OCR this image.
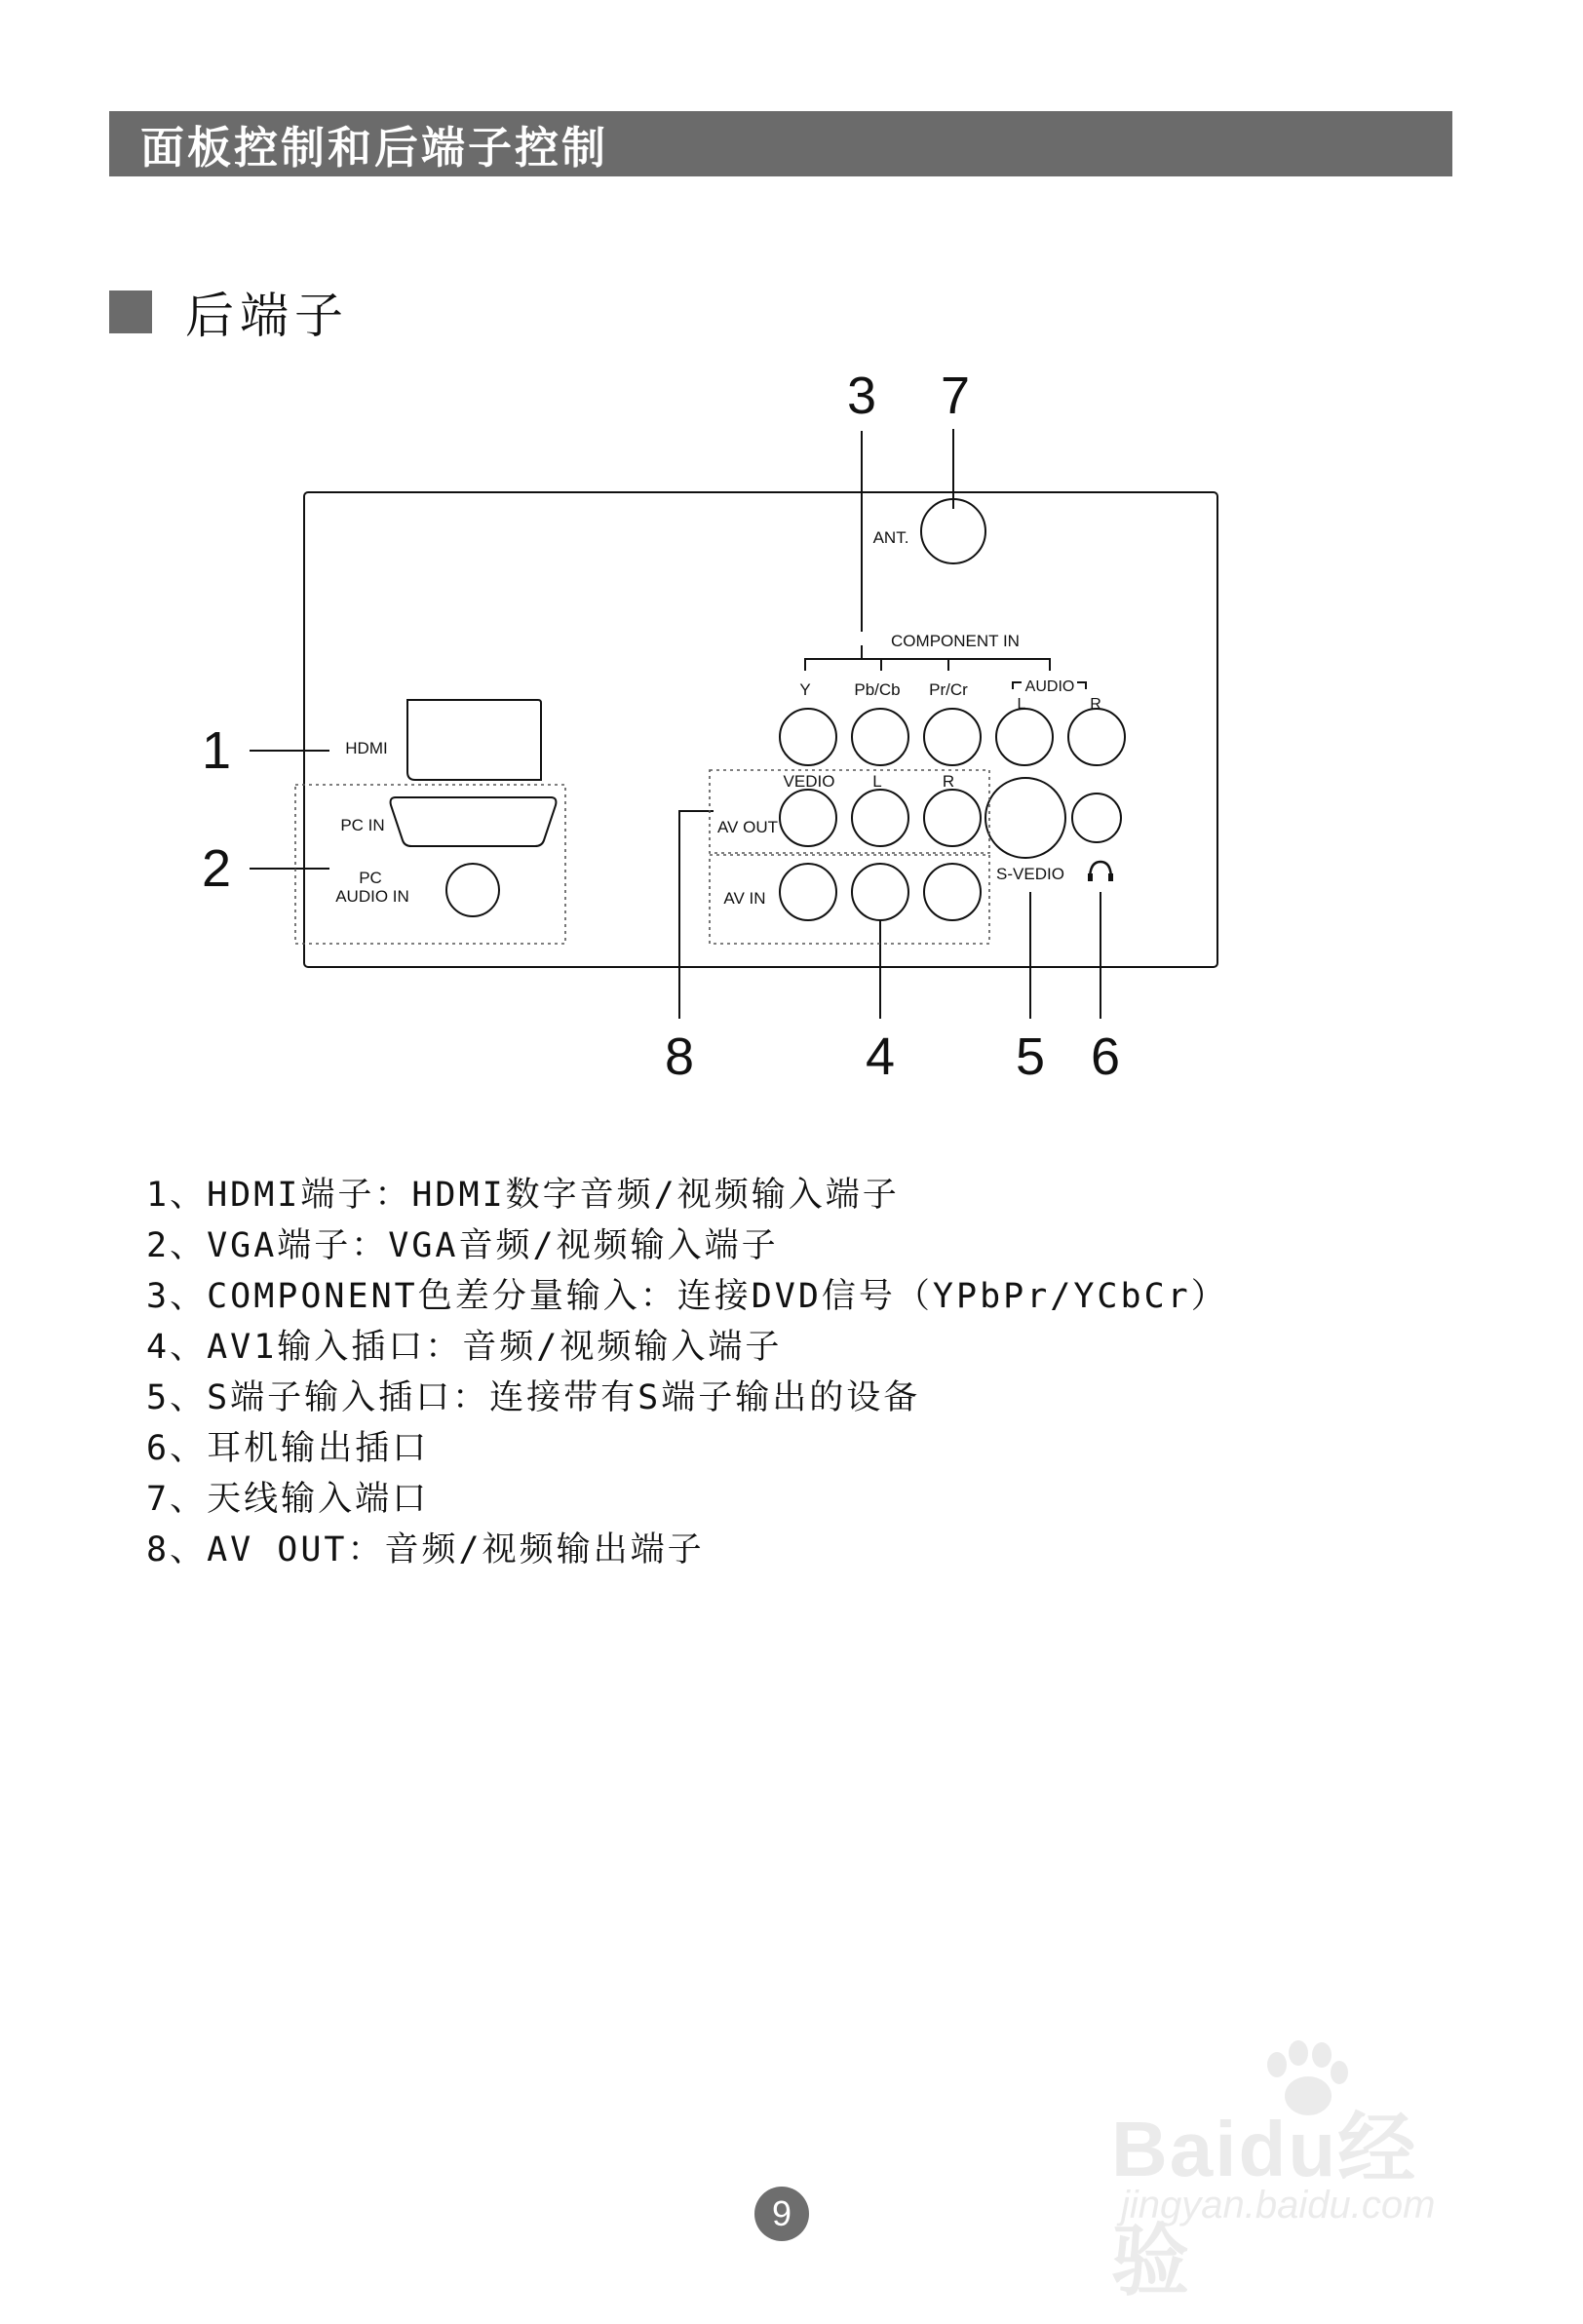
面板控制和后端子控制
后端子
3 7
1
2
8	4 5 6
ANT.
COMPONENT IN
Y	Pb/Cb Pr/Cr	AUDIO
L	R
HDMI
PC IN
PC
AUDIO IN
VEDIO L	R
AV OUT
AV IN
S-VEDIO
1、HDMI端子：HDMI数字音频/视频输入端子
2、VGA端子：VGA音频/视频输入端子
3、COMPONENT色差分量输入：连接DVD信号（YPbPr/YCbCr）
4、AV1输入插口：音频/视频输入端子
5、S端子输入插口：连接带有S端子输出的设备
6、耳机输出插口
7、天线输入端口
8、AV OUT：音频/视频输出端子
Baidu经验
jingyan.baidu.com
9
